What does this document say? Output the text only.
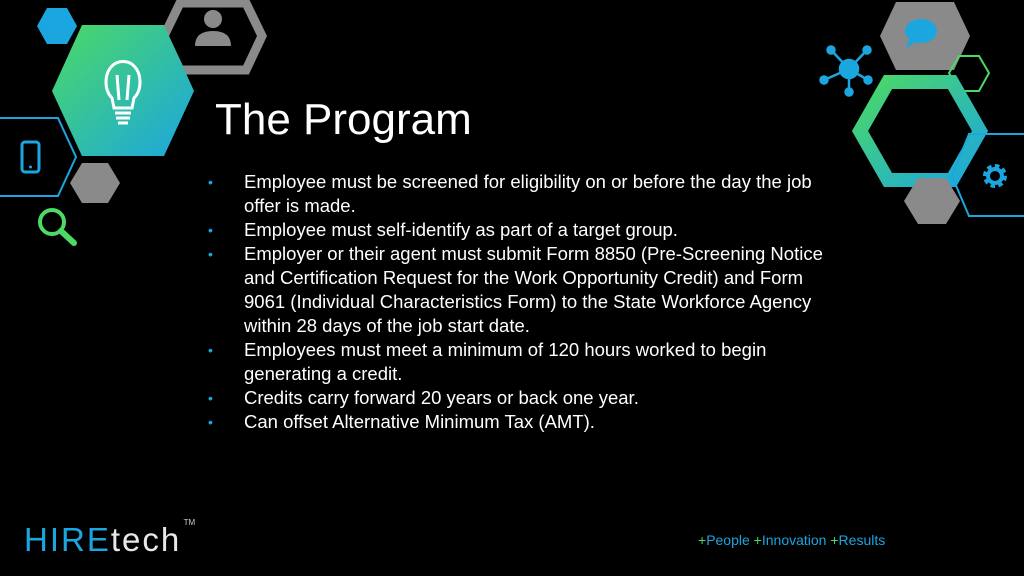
The Program
• Employee must be screened for eligibility on or before the day the job offer is made.
• Employee must self-identify as part of a target group.
• Employer or their agent must submit Form 8850 (Pre-Screening Notice and Certification Request for the Work Opportunity Credit) and Form 9061 (Individual Characteristics Form) to the State Workforce Agency within 28 days of the job start date.
• Employees must meet a minimum of 120 hours worked to begin generating a credit.
• Credits carry forward 20 years or back one year.
• Can offset Alternative Minimum Tax (AMT).
HIREtech TM
+People +Innovation +Results
